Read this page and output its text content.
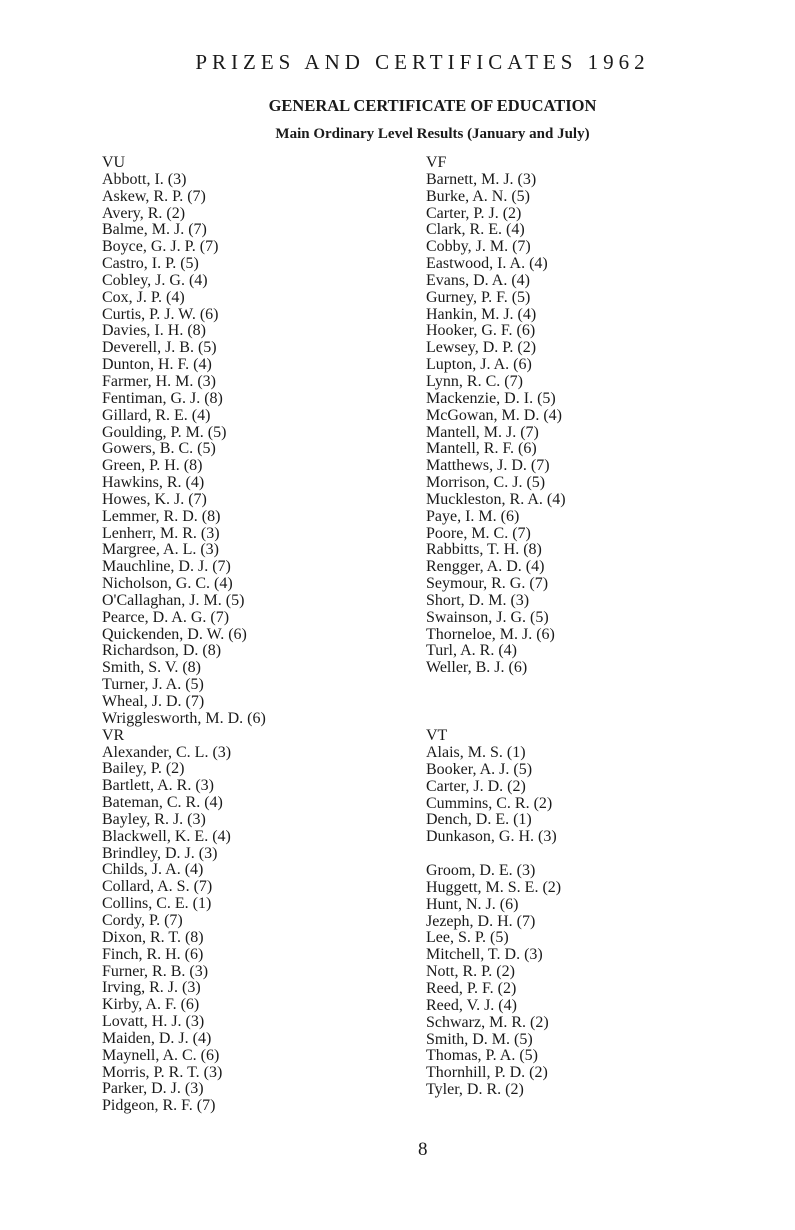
PRIZES AND CERTIFICATES 1962
GENERAL CERTIFICATE OF EDUCATION
Main Ordinary Level Results (January and July)
VU
Abbott, I. (3)
Askew, R. P. (7)
Avery, R. (2)
Balme, M. J. (7)
Boyce, G. J. P. (7)
Castro, I. P. (5)
Cobley, J. G. (4)
Cox, J. P. (4)
Curtis, P. J. W. (6)
Davies, I. H. (8)
Deverell, J. B. (5)
Dunton, H. F. (4)
Farmer, H. M. (3)
Fentiman, G. J. (8)
Gillard, R. E. (4)
Goulding, P. M. (5)
Gowers, B. C. (5)
Green, P. H. (8)
Hawkins, R. (4)
Howes, K. J. (7)
Lemmer, R. D. (8)
Lenherr, M. R. (3)
Margree, A. L. (3)
Mauchline, D. J. (7)
Nicholson, G. C. (4)
O'Callaghan, J. M. (5)
Pearce, D. A. G. (7)
Quickenden, D. W. (6)
Richardson, D. (8)
Smith, S. V. (8)
Turner, J. A. (5)
Wheal, J. D. (7)
Wrigglesworth, M. D. (6)
VR
Alexander, C. L. (3)
Bailey, P. (2)
Bartlett, A. R. (3)
Bateman, C. R. (4)
Bayley, R. J. (3)
Blackwell, K. E. (4)
Brindley, D. J. (3)
Childs, J. A. (4)
Collard, A. S. (7)
Collins, C. E. (1)
Cordy, P. (7)
Dixon, R. T. (8)
Finch, R. H. (6)
Furner, R. B. (3)
Irving, R. J. (3)
Kirby, A. F. (6)
Lovatt, H. J. (3)
Maiden, D. J. (4)
Maynell, A. C. (6)
Morris, P. R. T. (3)
Parker, D. J. (3)
Pidgeon, R. F. (7)
VF
Barnett, M. J. (3)
Burke, A. N. (5)
Carter, P. J. (2)
Clark, R. E. (4)
Cobby, J. M. (7)
Eastwood, I. A. (4)
Evans, D. A. (4)
Gurney, P. F. (5)
Hankin, M. J. (4)
Hooker, G. F. (6)
Lewsey, D. P. (2)
Lupton, J. A. (6)
Lynn, R. C. (7)
Mackenzie, D. I. (5)
McGowan, M. D. (4)
Mantell, M. J. (7)
Mantell, R. F. (6)
Matthews, J. D. (7)
Morrison, C. J. (5)
Muckleston, R. A. (4)
Paye, I. M. (6)
Poore, M. C. (7)
Rabbitts, T. H. (8)
Rengger, A. D. (4)
Seymour, R. G. (7)
Short, D. M. (3)
Swainson, J. G. (5)
Thorneloe, M. J. (6)
Turl, A. R. (4)
Weller, B. J. (6)
VT
Alais, M. S. (1)
Booker, A. J. (5)
Carter, J. D. (2)
Cummins, C. R. (2)
Dench, D. E. (1)
Dunkason, G. H. (3)
Groom, D. E. (3)
Huggett, M. S. E. (2)
Hunt, N. J. (6)
Jezeph, D. H. (7)
Lee, S. P. (5)
Mitchell, T. D. (3)
Nott, R. P. (2)
Reed, P. F. (2)
Reed, V. J. (4)
Schwarz, M. R. (2)
Smith, D. M. (5)
Thomas, P. A. (5)
Thornhill, P. D. (2)
Tyler, D. R. (2)
8
